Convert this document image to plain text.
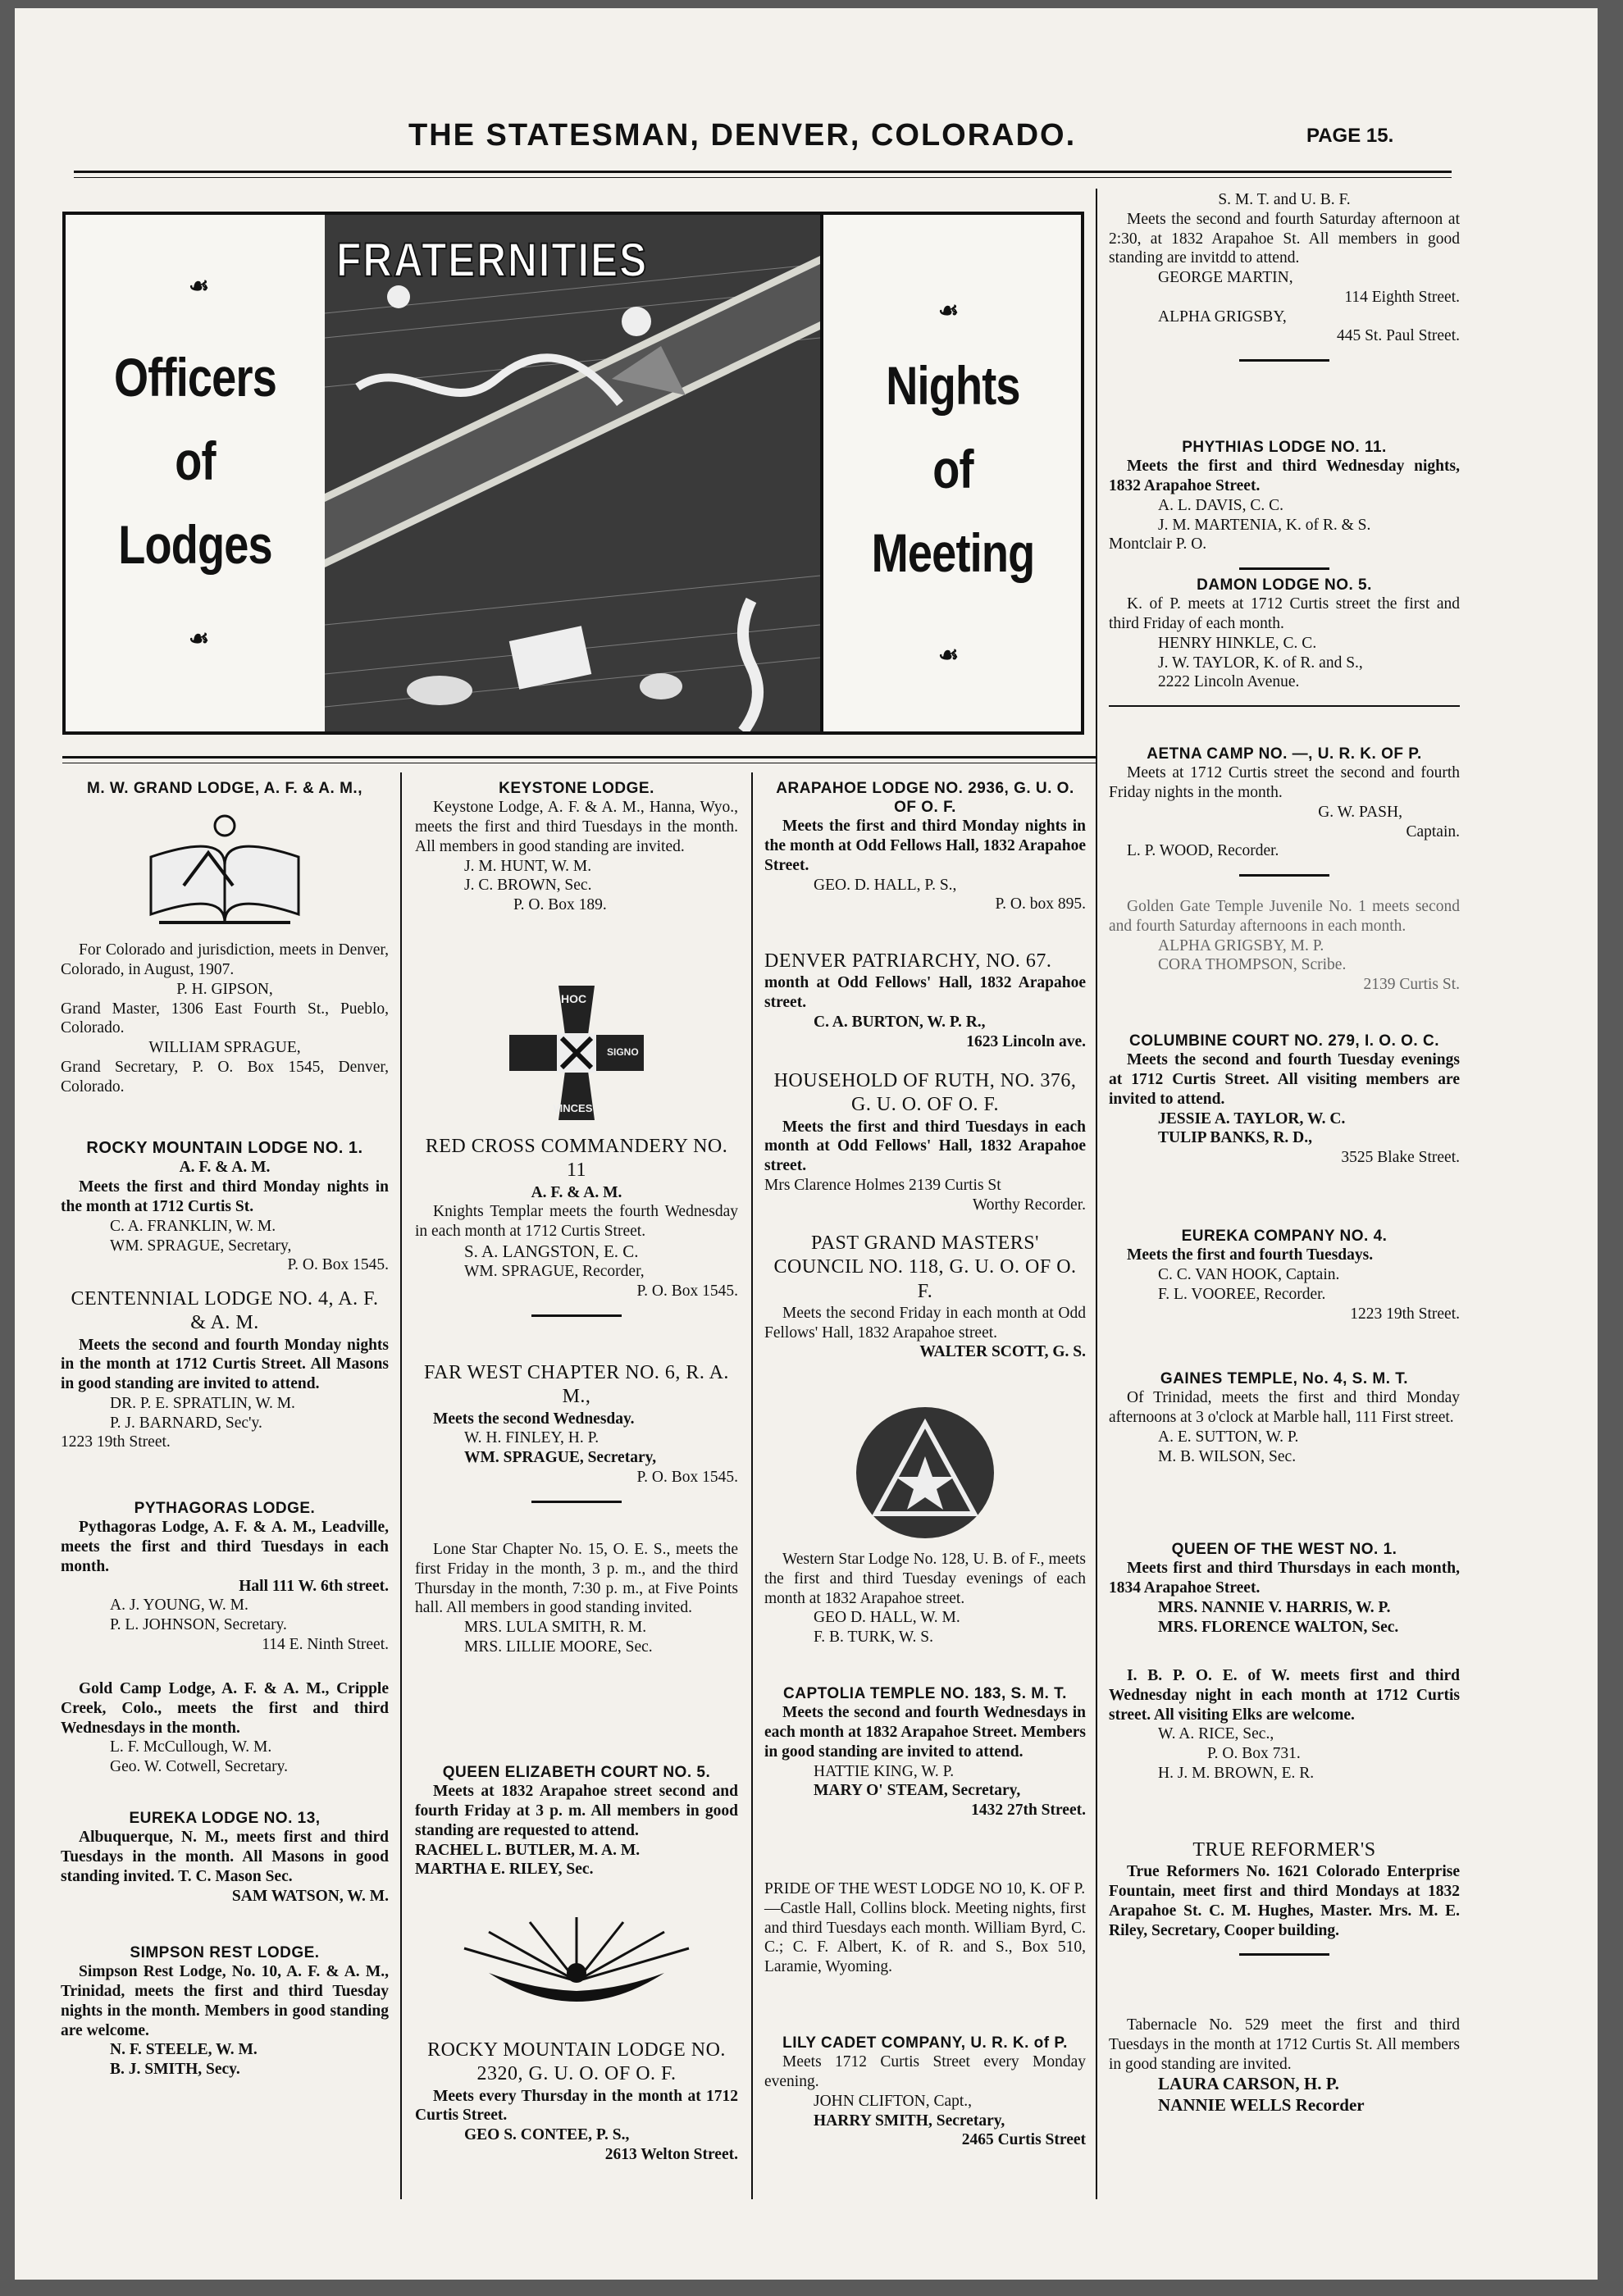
THE STATESMAN, DENVER, COLORADO.	PAGE 15.
Officers
of
Lodges
☙
☙
FRATERNITIES
Nights
of
Meeting
☙
☙

M. W. GRAND LODGE, A. F. & A. M.,

For Colorado and jurisdiction, meets in Denver, Colorado, in August, 1907.

P. H. GIPSON,

Grand Master, 1306 East Fourth St., Pueblo, Colorado.

WILLIAM SPRAGUE,

Grand Secretary, P. O. Box 1545, Denver, Colorado.

ROCKY MOUNTAIN LODGE NO. 1.

A. F. & A. M.

Meets the first and third Monday nights in the month at 1712 Curtis St.

C. A. FRANKLIN, W. M.

WM. SPRAGUE, Secretary,

P. O. Box 1545.

CENTENNIAL LODGE NO. 4, A. F. & A. M.

Meets the second and fourth Monday nights in the month at 1712 Curtis Street. All Masons in good standing are invited to attend.

DR. P. E. SPRATLIN, W. M.

P. J. BARNARD, Sec'y.

1223 19th Street.

PYTHAGORAS LODGE.

Pythagoras Lodge, A. F. & A. M., Leadville, meets the first and third Tuesdays in each month.

Hall 111 W. 6th street.

A. J. YOUNG, W. M.

P. L. JOHNSON, Secretary.

114 E. Ninth Street.

Gold Camp Lodge, A. F. & A. M., Cripple Creek, Colo., meets the first and third Wednesdays in the month.

L. F. McCullough, W. M.

Geo. W. Cotwell, Secretary.

EUREKA LODGE NO. 13,

Albuquerque, N. M., meets first and third Tuesdays in the month. All Masons in good standing invited. T. C. Mason Sec.

SAM WATSON, W. M.

SIMPSON REST LODGE.

Simpson Rest Lodge, No. 10, A. F. & A. M., Trinidad, meets the first and third Tuesday nights in the month. Members in good standing are welcome.

N. F. STEELE, W. M.

B. J. SMITH, Secy.

KEYSTONE LODGE.

Keystone Lodge, A. F. & A. M., Hanna, Wyo., meets the first and third Tuesdays in the month. All members in good standing are invited.

J. M. HUNT, W. M.

J. C. BROWN, Sec.

P. O. Box 189.

HOC
SIGNO
VINCES

RED CROSS COMMANDERY NO. 11

A. F. & A. M.

Knights Templar meets the fourth Wednesday in each month at 1712 Curtis Street.

S. A. LANGSTON, E. C.

WM. SPRAGUE, Recorder,

P. O. Box 1545.

FAR WEST CHAPTER NO. 6, R. A. M.,

Meets the second Wednesday.

W. H. FINLEY, H. P.

WM. SPRAGUE, Secretary,

P. O. Box 1545.

Lone Star Chapter No. 15, O. E. S., meets the first Friday in the month, 3 p. m., and the third Thursday in the month, 7:30 p. m., at Five Points hall. All members in good standing invited.

MRS. LULA SMITH, R. M.

MRS. LILLIE MOORE, Sec.

QUEEN ELIZABETH COURT NO. 5.

Meets at 1832 Arapahoe street second and fourth Friday at 3 p. m. All members in good standing are requested to attend.

RACHEL L. BUTLER, M. A. M.

MARTHA E. RILEY, Sec.

ROCKY MOUNTAIN LODGE NO. 2320, G. U. O. OF O. F.

Meets every Thursday in the month at 1712 Curtis Street.

GEO S. CONTEE, P. S.,

2613 Welton Street.

ARAPAHOE LODGE NO. 2936, G. U. O. OF O. F.

Meets the first and third Monday nights in the month at Odd Fellows Hall, 1832 Arapahoe Street.

GEO. D. HALL, P. S.,

P. O. box 895.

DENVER PATRIARCHY, NO. 67.

month at Odd Fellows' Hall, 1832 Arapahoe street.

C. A. BURTON, W. P. R.,

1623 Lincoln ave.

HOUSEHOLD OF RUTH, NO. 376, G. U. O. OF O. F.

Meets the first and third Tuesdays in each month at Odd Fellows' Hall, 1832 Arapahoe street.

Mrs Clarence Holmes 2139 Curtis St

Worthy Recorder.

PAST GRAND MASTERS' COUNCIL NO. 118, G. U. O. OF O. F.

Meets the second Friday in each month at Odd Fellows' Hall, 1832 Arapahoe street.

WALTER SCOTT, G. S.

Western Star Lodge No. 128, U. B. of F., meets the first and third Tuesday evenings of each month at 1832 Arapahoe street.

GEO D. HALL, W. M.

F. B. TURK, W. S.

CAPTOLIA TEMPLE NO. 183, S. M. T.

Meets the second and fourth Wednesdays in each month at 1832 Arapahoe Street. Members in good standing are invited to attend.

HATTIE KING, W. P.

MARY O' STEAM, Secretary,

1432 27th Street.

PRIDE OF THE WEST LODGE NO 10, K. OF P.

—Castle Hall, Collins block. Meeting nights, first and third Tuesdays each month. William Byrd, C. C.; C. F. Albert, K. of R. and S., Box 510, Laramie, Wyoming.

LILY CADET COMPANY, U. R. K. of P.

Meets 1712 Curtis Street every Monday evening.

JOHN CLIFTON, Capt.,

HARRY SMITH, Secretary,

2465 Curtis Street

S. M. T. and U. B. F.

Meets the second and fourth Saturday afternoon at 2:30, at 1832 Arapahoe St. All members in good standing are invitdd to attend.

GEORGE MARTIN,

114 Eighth Street.

ALPHA GRIGSBY,

445 St. Paul Street.

PHYTHIAS LODGE NO. 11.

Meets the first and third Wednesday nights, 1832 Arapahoe Street.

A. L. DAVIS, C. C.

J. M. MARTENIA, K. of R. & S.

Montclair P. O.

DAMON LODGE NO. 5.

K. of P. meets at 1712 Curtis street the first and third Friday of each month.

HENRY HINKLE, C. C.

J. W. TAYLOR, K. of R. and S.,

2222 Lincoln Avenue.

AETNA CAMP NO. —, U. R. K. OF P.

Meets at 1712 Curtis street the second and fourth Friday nights in the month.

G. W. PASH,

Captain.

L. P. WOOD, Recorder.

Golden Gate Temple Juvenile No. 1 meets second and fourth Saturday afternoons in each month.

ALPHA GRIGSBY, M. P.

CORA THOMPSON, Scribe.

2139 Curtis St.

COLUMBINE COURT NO. 279, I. O. O. C.

Meets the second and fourth Tuesday evenings at 1712 Curtis Street. All visiting members are invited to attend.

JESSIE A. TAYLOR, W. C.

TULIP BANKS, R. D.,

3525 Blake Street.

EUREKA COMPANY NO. 4.

Meets the first and fourth Tuesdays.

C. C. VAN HOOK, Captain.

F. L. VOOREE, Recorder.

1223 19th Street.

GAINES TEMPLE, No. 4, S. M. T.

Of Trinidad, meets the first and third Monday afternoons at 3 o'clock at Marble hall, 111 First street.

A. E. SUTTON, W. P.

M. B. WILSON, Sec.

QUEEN OF THE WEST NO. 1.

Meets first and third Thursdays in each month, 1834 Arapahoe Street.

MRS. NANNIE V. HARRIS, W. P.

MRS. FLORENCE WALTON, Sec.

I. B. P. O. E. of W. meets first and third Wednesday night in each month at 1712 Curtis street. All visiting Elks are welcome.

W. A. RICE, Sec.,

P. O. Box 731.

H. J. M. BROWN, E. R.

TRUE REFORMER'S

True Reformers No. 1621 Colorado Enterprise Fountain, meet first and third Mondays at 1832 Arapahoe St. C. M. Hughes, Master. Mrs. M. E. Riley, Secretary, Cooper building.

Tabernacle No. 529 meet the first and third Tuesdays in the month at 1712 Curtis St. All members in good standing are invited.

LAURA CARSON, H. P.

NANNIE WELLS Recorder
